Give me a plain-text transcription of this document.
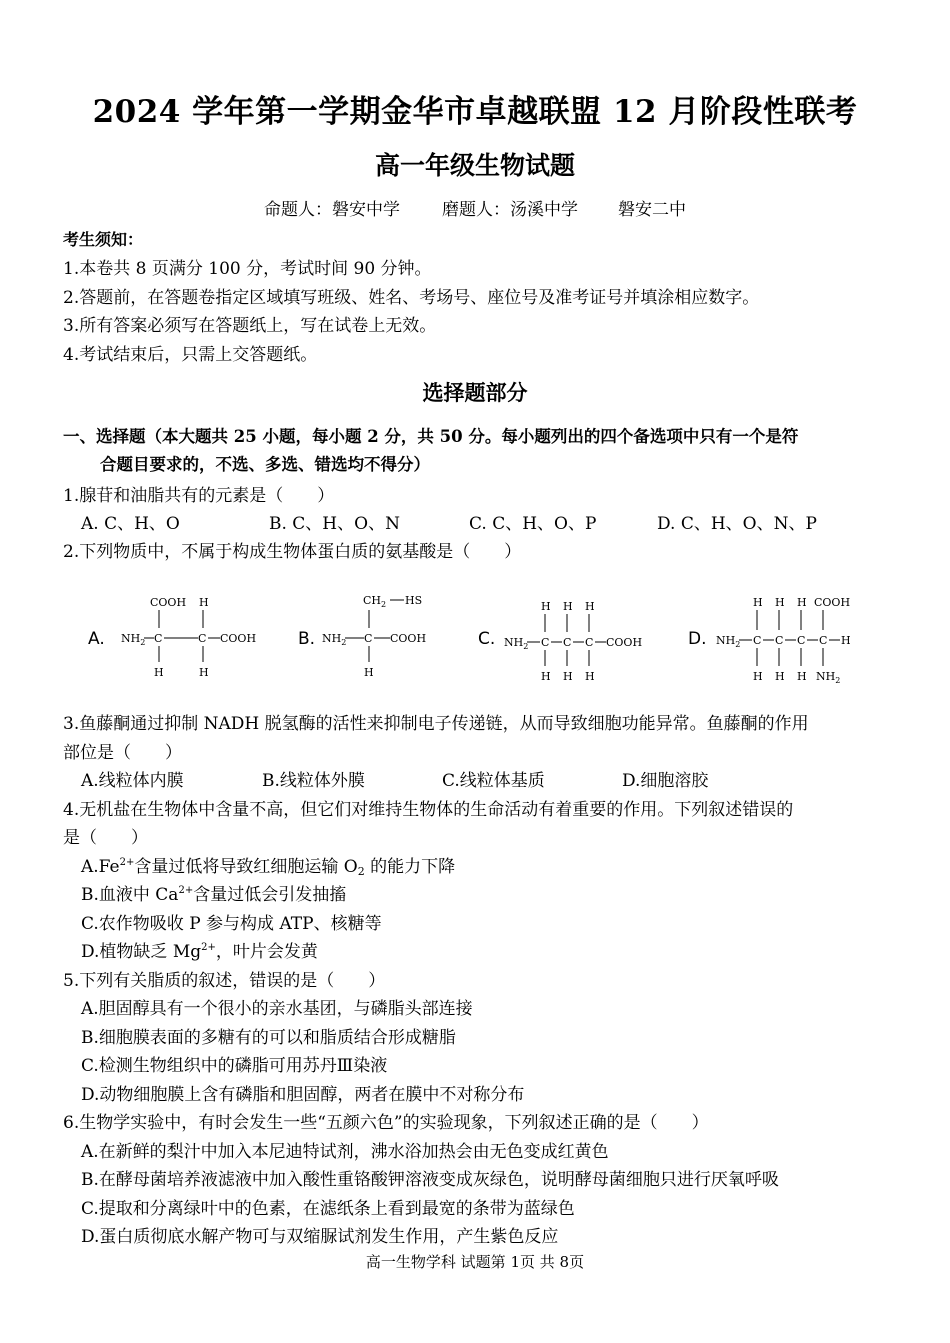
2024 学年第一学期金华市卓越联盟 12 月阶段性联考
高一年级生物试题
命题人：磐安中学 磨题人：汤溪中学 磐安二中
考生须知：
1.本卷共 8 页满分 100 分，考试时间 90 分钟。
2.答题前，在答题卷指定区域填写班级、姓名、考场号、座位号及准考证号并填涂相应数字。
3.所有答案必须写在答题纸上，写在试卷上无效。
4.考试结束后，只需上交答题纸。
选择题部分
一、选择题（本大题共 25 小题，每小题 2 分，共 50 分。每小题列出的四个备选项中只有一个是符
合题目要求的，不选、多选、错选均不得分）
1.腺苷和油脂共有的元素是（　　）
A. C、H、O	B. C、H、O、N	C. C、H、O、P	D. C、H、O、N、P
2.下列物质中，不属于构成生物体蛋白质的氨基酸是（　　）
A. $NH_2$ C	C COOH
COOH
H
H
H
B. $NH_2$ C COOH
$CH_2$ HS
H
C. $NH_2$ C C C COOH
H H H
H H H
D. $NH_2$ C C C C H
H H H COOH
H H H $NH_2$
3.鱼藤酮通过抑制 NADH 脱氢酶的活性来抑制电子传递链，从而导致细胞功能异常。鱼藤酮的作用
部位是（　　）
A.线粒体内膜	B.线粒体外膜	C.线粒体基质	D.细胞溶胶
4.无机盐在生物体中含量不高，但它们对维持生物体的生命活动有着重要的作用。下列叙述错误的
是（　　）
$A.Fe^{2+}$含量过低将导致红细胞运输 $O_2$ 的能力下降
B.血液中 $Ca^{2+}$含量过低会引发抽搐
C.农作物吸收 P 参与构成 ATP、核糖等
D.植物缺乏 $Mg^{2+}$，叶片会发黄
5.下列有关脂质的叙述，错误的是（　　）
A.胆固醇具有一个很小的亲水基团，与磷脂头部连接
B.细胞膜表面的多糖有的可以和脂质结合形成糖脂
C.检测生物组织中的磷脂可用苏丹Ⅲ染液
D.动物细胞膜上含有磷脂和胆固醇，两者在膜中不对称分布
6.生物学实验中，有时会发生一些“五颜六色”的实验现象，下列叙述正确的是（　　）
A.在新鲜的梨汁中加入本尼迪特试剂，沸水浴加热会由无色变成红黄色
B.在酵母菌培养液滤液中加入酸性重铬酸钾溶液变成灰绿色，说明酵母菌细胞只进行厌氧呼吸
C.提取和分离绿叶中的色素，在滤纸条上看到最宽的条带为蓝绿色
D.蛋白质彻底水解产物可与双缩脲试剂发生作用，产生紫色反应
高一生物学科 试题第 1页 共 8页
